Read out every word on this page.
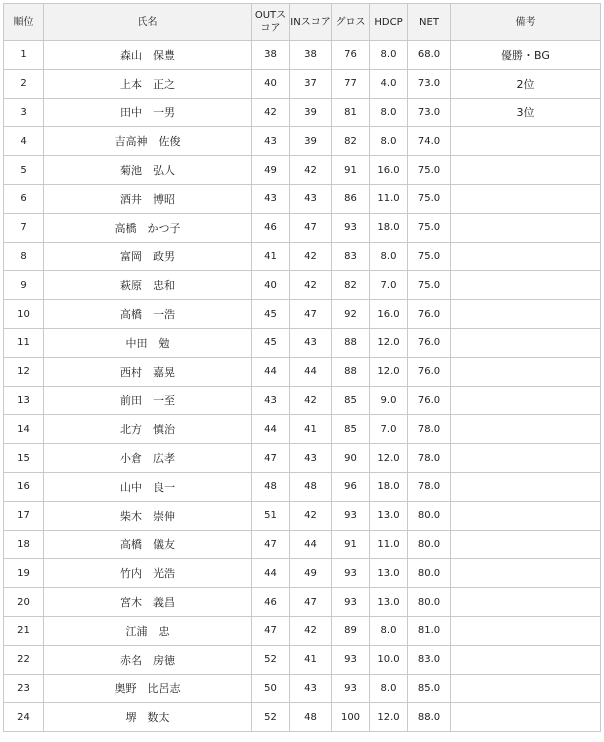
順位	氏名	OUTスコア	INスコア	グロス	HDCP	NET	備考
1	森山　保豊	38	38	76	8.0	68.0	優勝・BG
2	上本　正之	40	37	77	4.0	73.0	2位
3	田中　一男	42	39	81	8.0	73.0	3位
4	吉高神　佐俊	43	39	82	8.0	74.0	
5	菊池　弘人	49	42	91	16.0	75.0	
6	酒井　博昭	43	43	86	11.0	75.0	
7	高橋　かつ子	46	47	93	18.0	75.0	
8	富岡　政男	41	42	83	8.0	75.0	
9	萩原　忠和	40	42	82	7.0	75.0	
10	高橋　一浩	45	47	92	16.0	76.0	
11	中田　勉	45	43	88	12.0	76.0	
12	西村　嘉晃	44	44	88	12.0	76.0	
13	前田　一至	43	42	85	9.0	76.0	
14	北方　慎治	44	41	85	7.0	78.0	
15	小倉　広孝	47	43	90	12.0	78.0	
16	山中　良一	48	48	96	18.0	78.0	
17	柴木　崇伸	51	42	93	13.0	80.0	
18	高橋　儀友	47	44	91	11.0	80.0	
19	竹内　光浩	44	49	93	13.0	80.0	
20	宮木　義昌	46	47	93	13.0	80.0	
21	江浦　忠	47	42	89	8.0	81.0	
22	赤名　房徳	52	41	93	10.0	83.0	
23	奥野　比呂志	50	43	93	8.0	85.0	
24	堺　数太	52	48	100	12.0	88.0	
